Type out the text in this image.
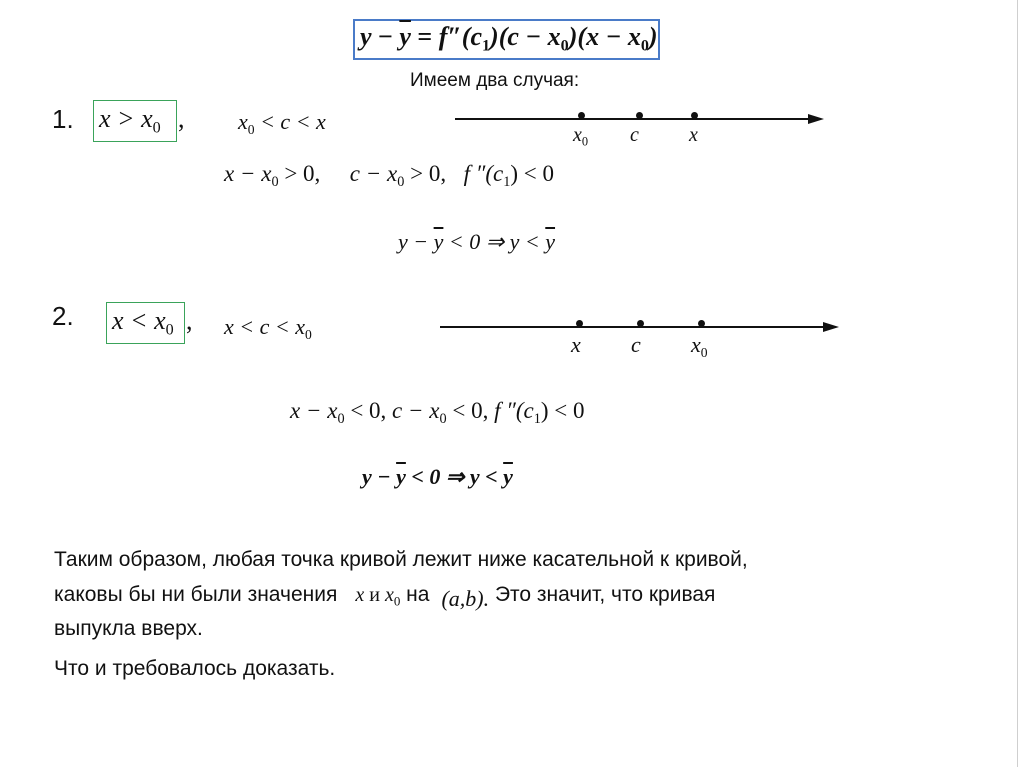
$y - \overline{y} = f''(c_1)(c - x_0)(x - x_0)$
Имеем два случая:
1. $x > x_0$ , $x_0 < c < x$
$x_0$ c	x
$x - x_0 > 0$, $c - x_0 > 0$, f $''(c_1) < 0$
$y - \overline{y} < 0$ ⇒ $y < \overline{y}$
2. $x < x_0$ , $x < c < x_0$	x c $x_0$
$x - x_0 < 0$, $c - x_0 < 0$, f $''(c_1) < 0$
$y - \overline{y} < 0$ ⇒ $y < \overline{y}$
Таким образом, любая точка кривой лежит ниже касательной к кривой,
каковы бы ни были значения x и $x_0$ на (a,b). Это значит, что кривая
выпукла вверх.
Что и требовалось доказать.
